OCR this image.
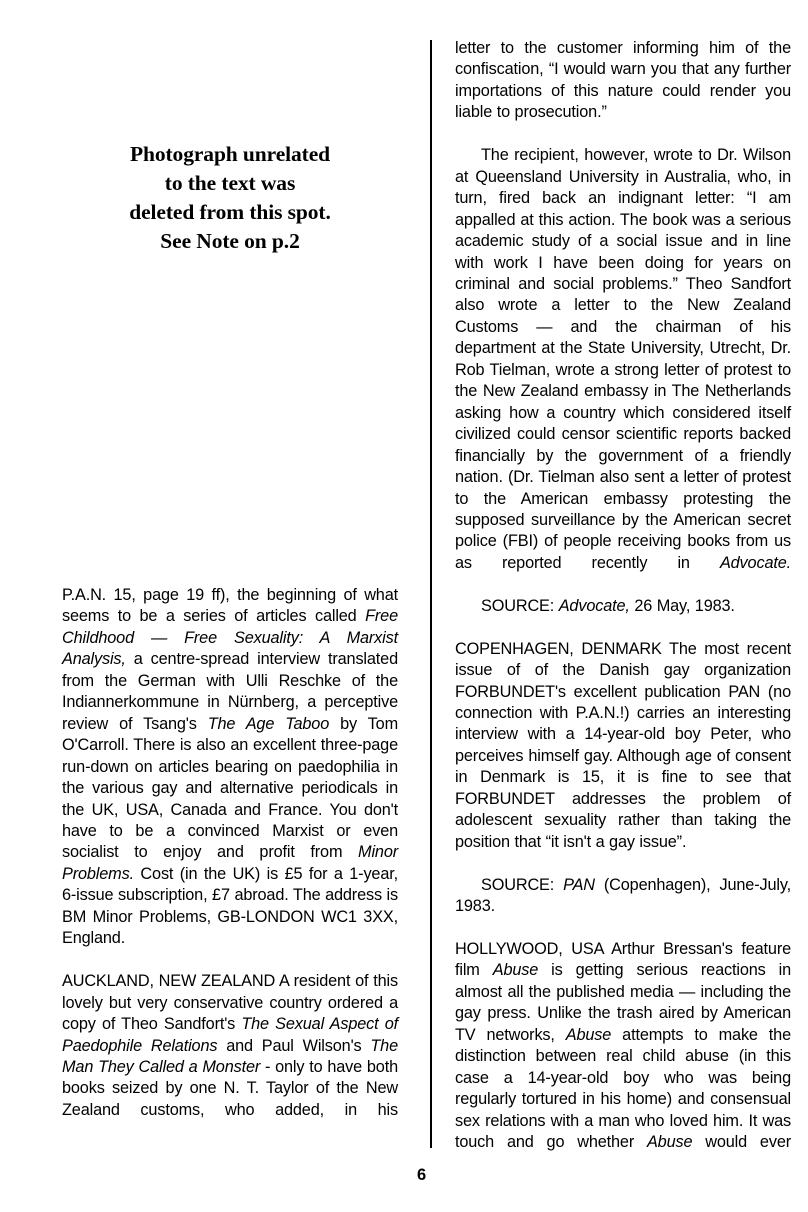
Photograph unrelated
to the text was
deleted from this spot.
See Note on p.2

P.A.N. 15, page 19 ff), the beginning of what seems to be a series of articles called Free Childhood — Free Sexuality: A Marxist Analysis, a centre-spread interview translated from the German with Ulli Reschke of the Indiannerkommune in Nürnberg, a perceptive review of Tsang's The Age Taboo by Tom O'Carroll. There is also an excellent three-page run-down on articles bearing on paedophilia in the various gay and alternative periodicals in the UK, USA, Canada and France. You don't have to be a convinced Marxist or even socialist to enjoy and profit from Minor Problems. Cost (in the UK) is £5 for a 1-year, 6-issue subscription, £7 abroad. The address is BM Minor Problems, GB-LONDON WC1 3XX, England.

AUCKLAND, NEW ZEALAND A resident of this lovely but very conservative country ordered a copy of Theo Sandfort's The Sexual Aspect of Paedophile Relations and Paul Wilson's The Man They Called a Monster - only to have both books seized by one N. T. Taylor of the New Zealand customs, who added, in his

letter to the customer informing him of the confiscation, “I would warn you that any further importations of this nature could render you liable to prosecution.”

The recipient, however, wrote to Dr. Wilson at Queensland University in Australia, who, in turn, fired back an indignant letter: “I am appalled at this action. The book was a serious academic study of a social issue and in line with work I have been doing for years on criminal and social problems.” Theo Sandfort also wrote a letter to the New Zealand Customs — and the chairman of his department at the State University, Utrecht, Dr. Rob Tielman, wrote a strong letter of protest to the New Zealand embassy in The Netherlands asking how a country which considered itself civilized could censor scientific reports backed financially by the government of a friendly nation. (Dr. Tielman also sent a letter of protest to the American embassy protesting the supposed surveillance by the American secret police (FBI) of people receiving books from us as reported recently in Advocate.

SOURCE: Advocate, 26 May, 1983.

COPENHAGEN, DENMARK The most recent issue of of the Danish gay organization FORBUNDET's excellent publication PAN (no connection with P.A.N.!) carries an interesting interview with a 14-year-old boy Peter, who perceives himself gay. Although age of consent in Denmark is 15, it is fine to see that FORBUNDET addresses the problem of adolescent sexuality rather than taking the position that “it isn't a gay issue”.

SOURCE: PAN (Copenhagen), June-July, 1983.

HOLLYWOOD, USA Arthur Bressan's feature film Abuse is getting serious reactions in almost all the published media — including the gay press. Unlike the trash aired by American TV networks, Abuse attempts to make the distinction between real child abuse (in this case a 14-year-old boy who was being regularly tortured in his home) and consensual sex relations with a man who loved him. It was touch and go whether Abuse would ever

6
